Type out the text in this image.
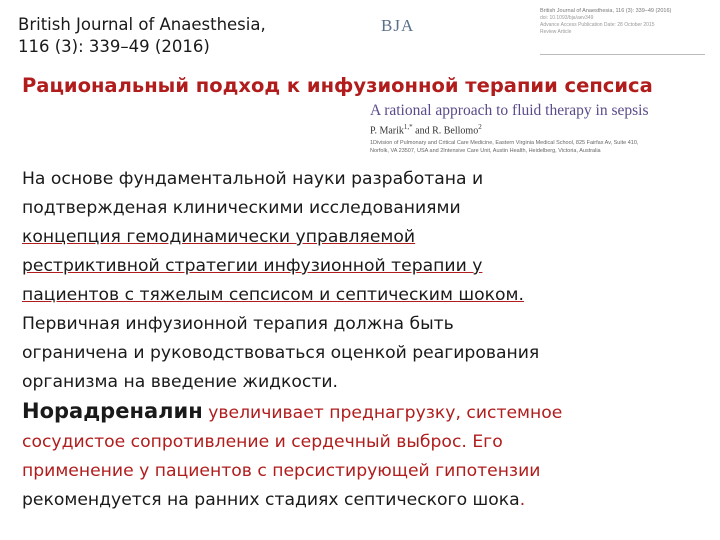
British Journal of Anaesthesia,
116 (3): 339–49 (2016)
BJA
British Journal of Anaesthesia, 116 (3): 339–49 (2016)
doi: 10.1093/bja/aev349
Advance Access Publication Date: 28 October 2015
Review Article
Рациональный подход к инфузионной терапии сепсиса
A rational approach to fluid therapy in sepsis
P. Marik$^{1,*}$ and R. Bellomo$^2$
1Division of Pulmonary and Critical Care Medicine, Eastern Virginia Medical School, 825 Fairfax Av, Suite 410,
Norfolk, VA 23507, USA and 2Intensive Care Unit, Austin Health, Heidelberg, Victoria, Australia
На основе фундаментальной науки разработана и
подтвержденая клиническими исследованиями
концепция гемодинамически управляемой
рестриктивной стратегии инфузионной терапии у
пациентов с тяжелым сепсисом и септическим шоком.
Первичная инфузионной терапия должна быть
ограничена и руководствоваться оценкой реагирования
организма на введение жидкости.
Норадреналин увеличивает преднагрузку, системное
сосудистое сопротивление и сердечный выброс. Его
применение у пациентов с персистирующей гипотензии
рекомендуется на ранних стадиях септического шока.
